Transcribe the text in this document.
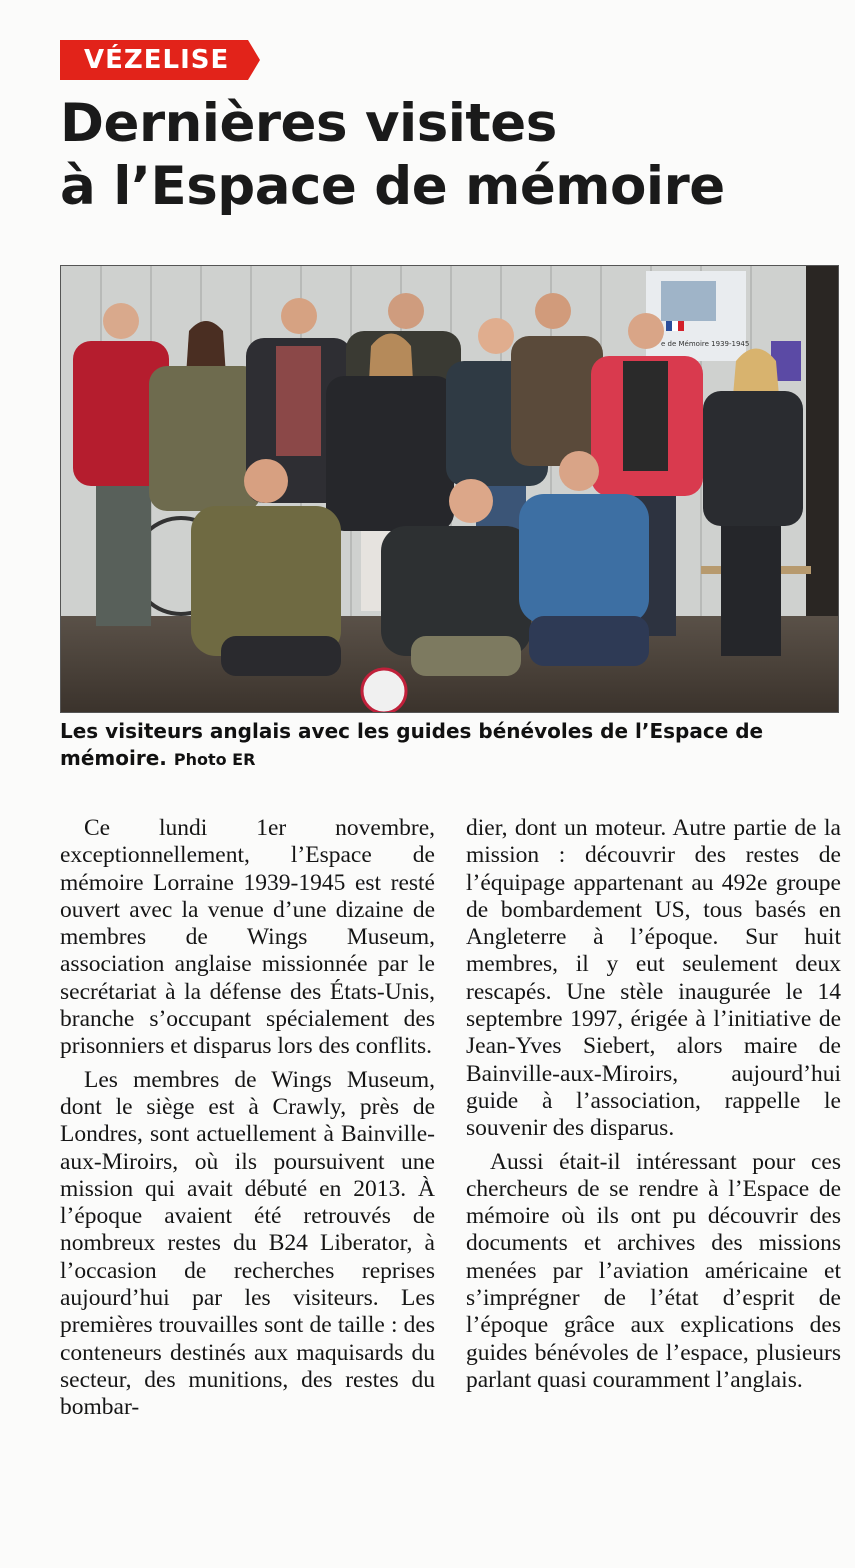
VÉZELISE
Dernières visites
à l’Espace de mémoire
e de Mémoire 1939-1945
Les visiteurs anglais avec les guides bénévoles de l’Espace de mémoire. Photo ER

Ce lundi 1er novembre, exceptionnellement, l’Espace de mémoire Lorraine 1939-1945 est resté ouvert avec la venue d’une dizaine de membres de Wings Museum, association anglaise missionnée par le secrétariat à la défense des États-Unis, branche s’occupant spécialement des prisonniers et disparus lors des conflits.

Les membres de Wings Museum, dont le siège est à Crawly, près de Londres, sont actuellement à Bainville-aux-Miroirs, où ils poursuivent une mission qui avait débuté en 2013. À l’époque avaient été retrouvés de nombreux restes du B24 Liberator, à l’occasion de recherches reprises aujourd’hui par les visiteurs. Les premières trouvailles sont de taille : des conteneurs destinés aux maquisards du secteur, des munitions, des restes du bombar-

dier, dont un moteur. Autre partie de la mission : découvrir des restes de l’équipage appartenant au 492e groupe de bombardement US, tous basés en Angleterre à l’époque. Sur huit membres, il y eut seulement deux rescapés. Une stèle inaugurée le 14 septembre 1997, érigée à l’initiative de Jean-Yves Siebert, alors maire de Bainville-aux-Miroirs, aujourd’hui guide à l’association, rappelle le souvenir des disparus.

Aussi était-il intéressant pour ces chercheurs de se rendre à l’Espace de mémoire où ils ont pu découvrir des documents et archives des missions menées par l’aviation américaine et s’imprégner de l’état d’esprit de l’époque grâce aux explications des guides bénévoles de l’espace, plusieurs parlant quasi couramment l’anglais.
